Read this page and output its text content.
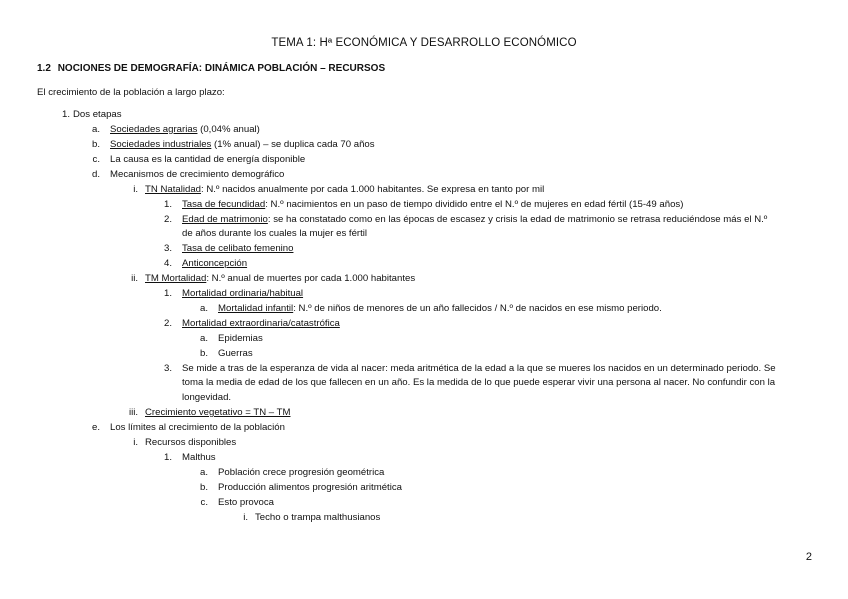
TEMA 1: Hª ECONÓMICA Y DESARROLLO ECONÓMICO
1.2 NOCIONES DE DEMOGRAFÍA: DINÁMICA POBLACIÓN – RECURSOS
El crecimiento de la población a largo plazo:
1. Dos etapas
a. Sociedades agrarias (0,04% anual)
b. Sociedades industriales (1% anual) – se duplica cada 70 años
c. La causa es la cantidad de energía disponible
d. Mecanismos de crecimiento demográfico
i. TN Natalidad: N.º nacidos anualmente por cada 1.000 habitantes. Se expresa en tanto por mil
1. Tasa de fecundidad: N.º nacimientos en un paso de tiempo dividido entre el N.º de mujeres en edad fértil (15-49 años)
2. Edad de matrimonio: se ha constatado como en las épocas de escasez y crisis la edad de matrimonio se retrasa reduciéndose más el N.º
de años durante los cuales la mujer es fértil
3. Tasa de celibato femenino
4. Anticoncepción
ii. TM Mortalidad: N.º anual de muertes por cada 1.000 habitantes
1. Mortalidad ordinaria/habitual
a. Mortalidad infantil: N.º de niños de menores de un año fallecidos / N.º de nacidos en ese mismo periodo.
2. Mortalidad extraordinaria/catastrófica
a. Epidemias
b. Guerras
3. Se mide a tras de la esperanza de vida al nacer: meda aritmética de la edad a la que se mueres los nacidos en un determinado periodo. Se
toma la media de edad de los que fallecen en un año. Es la medida de lo que puede esperar vivir una persona al nacer. No confundir con la
longevidad.
iii. Crecimiento vegetativo = TN – TM
e. Los límites al crecimiento de la población
i. Recursos disponibles
1. Malthus
a. Población crece progresión geométrica
b. Producción alimentos progresión aritmética
c. Esto provoca
i. Techo o trampa malthusianos
2
